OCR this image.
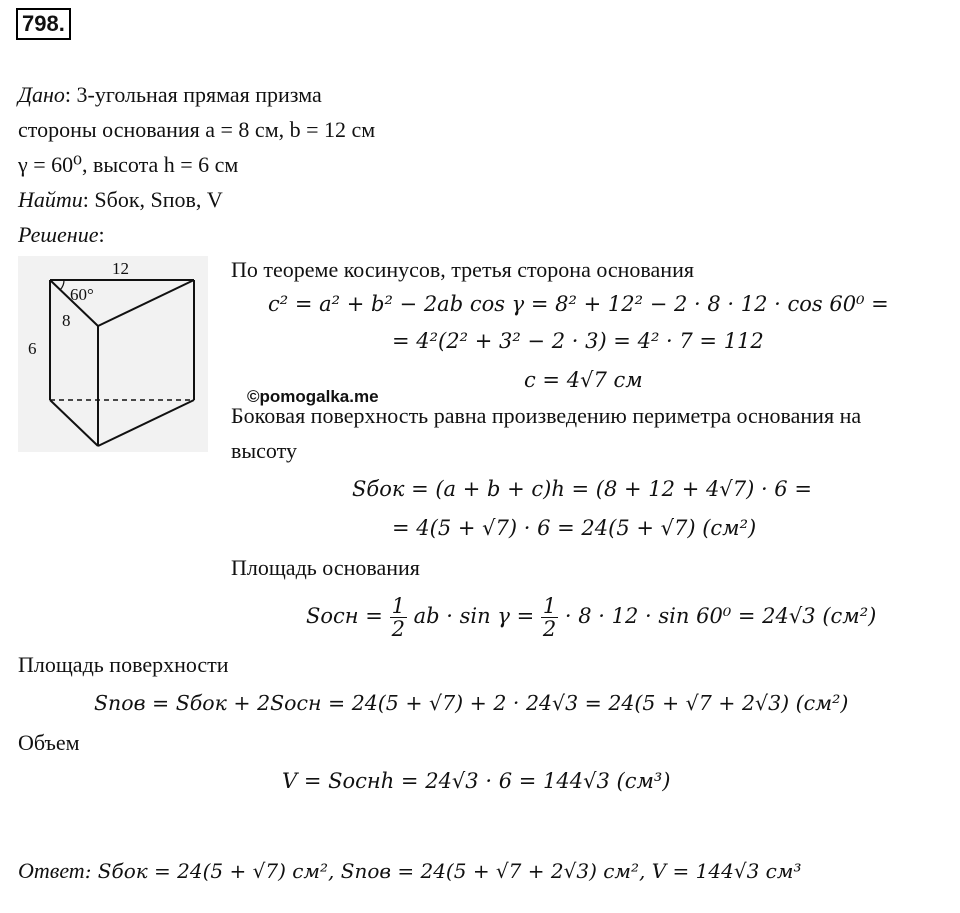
798.
Дано: 3-угольная прямая призма
стороны основания a = 8 см, b = 12 см
γ = 60⁰, высота h = 6 см
Найти: Sбок, Sпов, V
Решение:
12
60°
8
6
По теореме косинусов, третья сторона основания
c² = a² + b² − 2ab cos γ = 8² + 12² − 2 · 8 · 12 · cos 60⁰ =
= 4²(2² + 3² − 2 · 3) = 4² · 7 = 112
c = 4√7 см
©pomogalka.me
Боковая поверхность равна произведению периметра основания на
высоту
Sбок = (a + b + c)h = (8 + 12 + 4√7) · 6 =
= 4(5 + √7) · 6 = 24(5 + √7) (см²)
Площадь основания
Sосн = $\frac{1}{2}$ ab · $\sin \gamma = \frac{1}{2} \cdot 8 \cdot 12 \cdot \sin 60^0 = 24√3$ (см²)
Площадь поверхности
Sпов = Sбок + 2Sосн = 24(5 + √7) + 2 · 24√3 = 24(5 + √7 + 2√3) (см²)
Объем
V = Sоснh = 24√3 · 6 = 144√3 (см³)
Ответ: Sбок = 24(5 + √7) см², Sпов = 24(5 + √7 + 2√3) см², V = 144√3 см³
